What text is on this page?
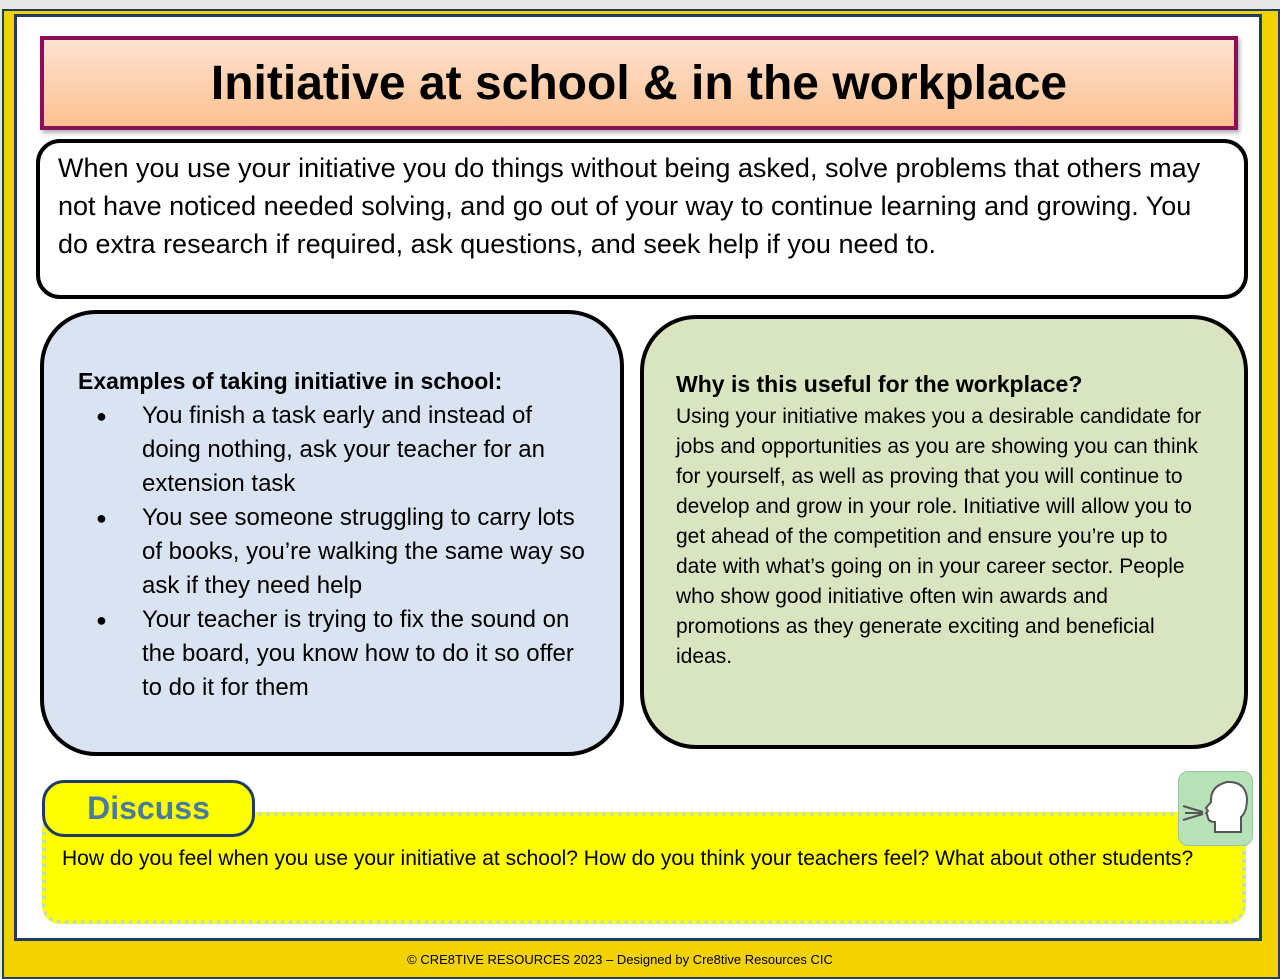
Initiative at school & in the workplace
When you use your initiative you do things without being asked, solve problems that others may not have noticed needed solving, and go out of your way to continue learning and growing. You do extra research if required, ask questions, and seek help if you need to.
Examples of taking initiative in school:
● You finish a task early and instead of doing nothing, ask your teacher for an extension task
● You see someone struggling to carry lots of books, you’re walking the same way so ask if they need help
● Your teacher is trying to fix the sound on the board, you know how to do it so offer to do it for them
Why is this useful for the workplace?

Using your initiative makes you a desirable candidate for jobs and opportunities as you are showing you can think for yourself, as well as proving that you will continue to develop and grow in your role. Initiative will allow you to get ahead of the competition and ensure you’re up to date with what’s going on in your career sector. People who show good initiative often win awards and promotions as they generate exciting and beneficial ideas.

How do you feel when you use your initiative at school? How do you think your teachers feel? What about other students?
Discuss
© CRE8TIVE RESOURCES 2023 – Designed by Cre8tive Resources CIC
